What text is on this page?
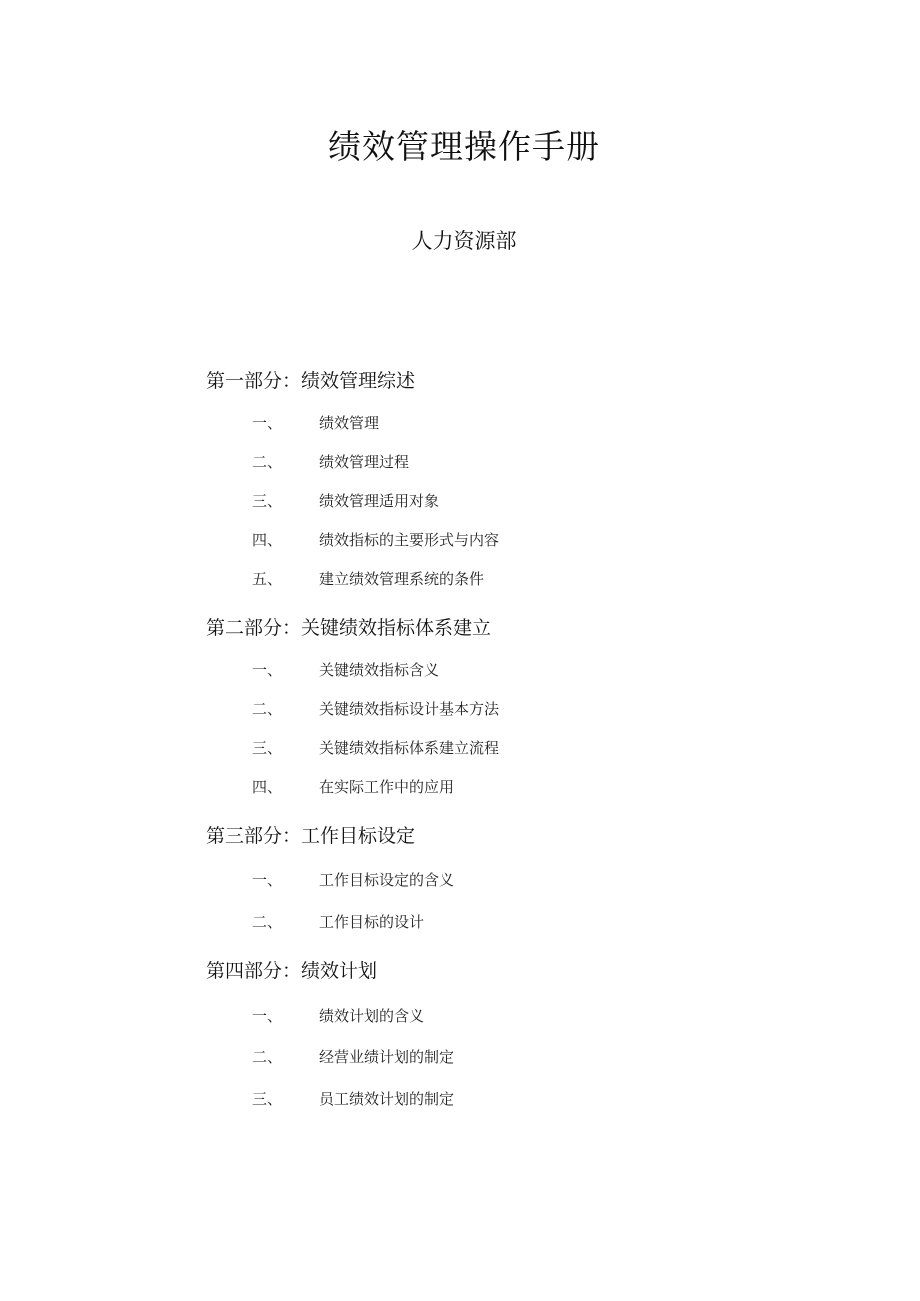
绩效管理操作手册
人力资源部
第一部分：绩效管理综述
一、 绩效管理
二、 绩效管理过程
三、 绩效管理适用对象
四、 绩效指标的主要形式与内容
五、 建立绩效管理系统的条件
第二部分：关键绩效指标体系建立
一、 关键绩效指标含义
二、 关键绩效指标设计基本方法
三、 关键绩效指标体系建立流程
四、 在实际工作中的应用
第三部分：工作目标设定
一、 工作目标设定的含义
二、 工作目标的设计
第四部分：绩效计划
一、 绩效计划的含义
二、 经营业绩计划的制定
三、 员工绩效计划的制定
